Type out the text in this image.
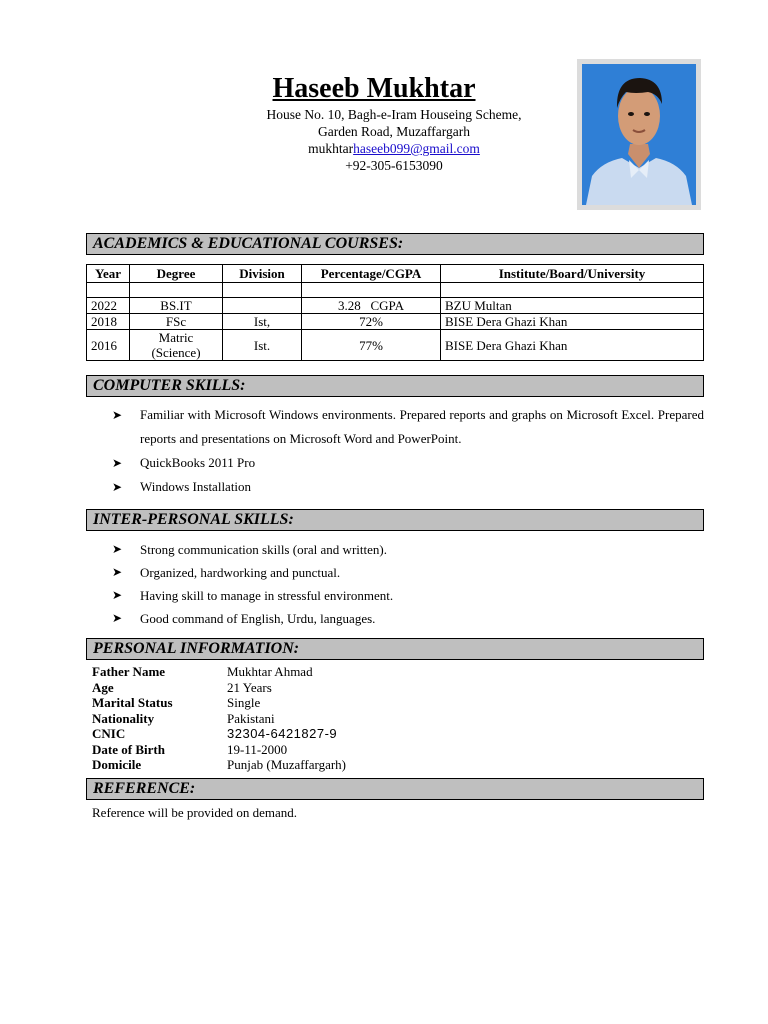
Haseeb Mukhtar
House No. 10, Bagh-e-Iram Houseing Scheme,
Garden Road, Muzaffargarh
mukhtarhaseeb099@gmail.com
+92-305-6153090
ACADEMICS & EDUCATIONAL COURSES:
Year	Degree	Division	Percentage/CGPA	Institute/Board/University

2022	BS.IT		3.28   CGPA	BZU Multan
2018	FSc	Ist,	72%	BISE Dera Ghazi Khan
2016	Matric (Science)	Ist.	77%	BISE Dera Ghazi Khan
COMPUTER SKILLS:
➤	Familiar with Microsoft Windows environments. Prepared reports and graphs on Microsoft Excel. Prepared reports and presentations on Microsoft Word and PowerPoint.
➤	QuickBooks 2011 Pro
➤	Windows Installation
INTER-PERSONAL SKILLS:
➤	Strong communication skills (oral and written).
➤	Organized, hardworking and punctual.
➤	Having skill to manage in stressful environment.
➤	Good command of English, Urdu, languages.
PERSONAL INFORMATION:
Father Name	Mukhtar Ahmad
Age	21 Years
Marital Status	Single
Nationality	Pakistani
CNIC	32304-6421827-9
Date of Birth	19-11-2000
Domicile	Punjab (Muzaffargarh)
REFERENCE:
Reference will be provided on demand.
